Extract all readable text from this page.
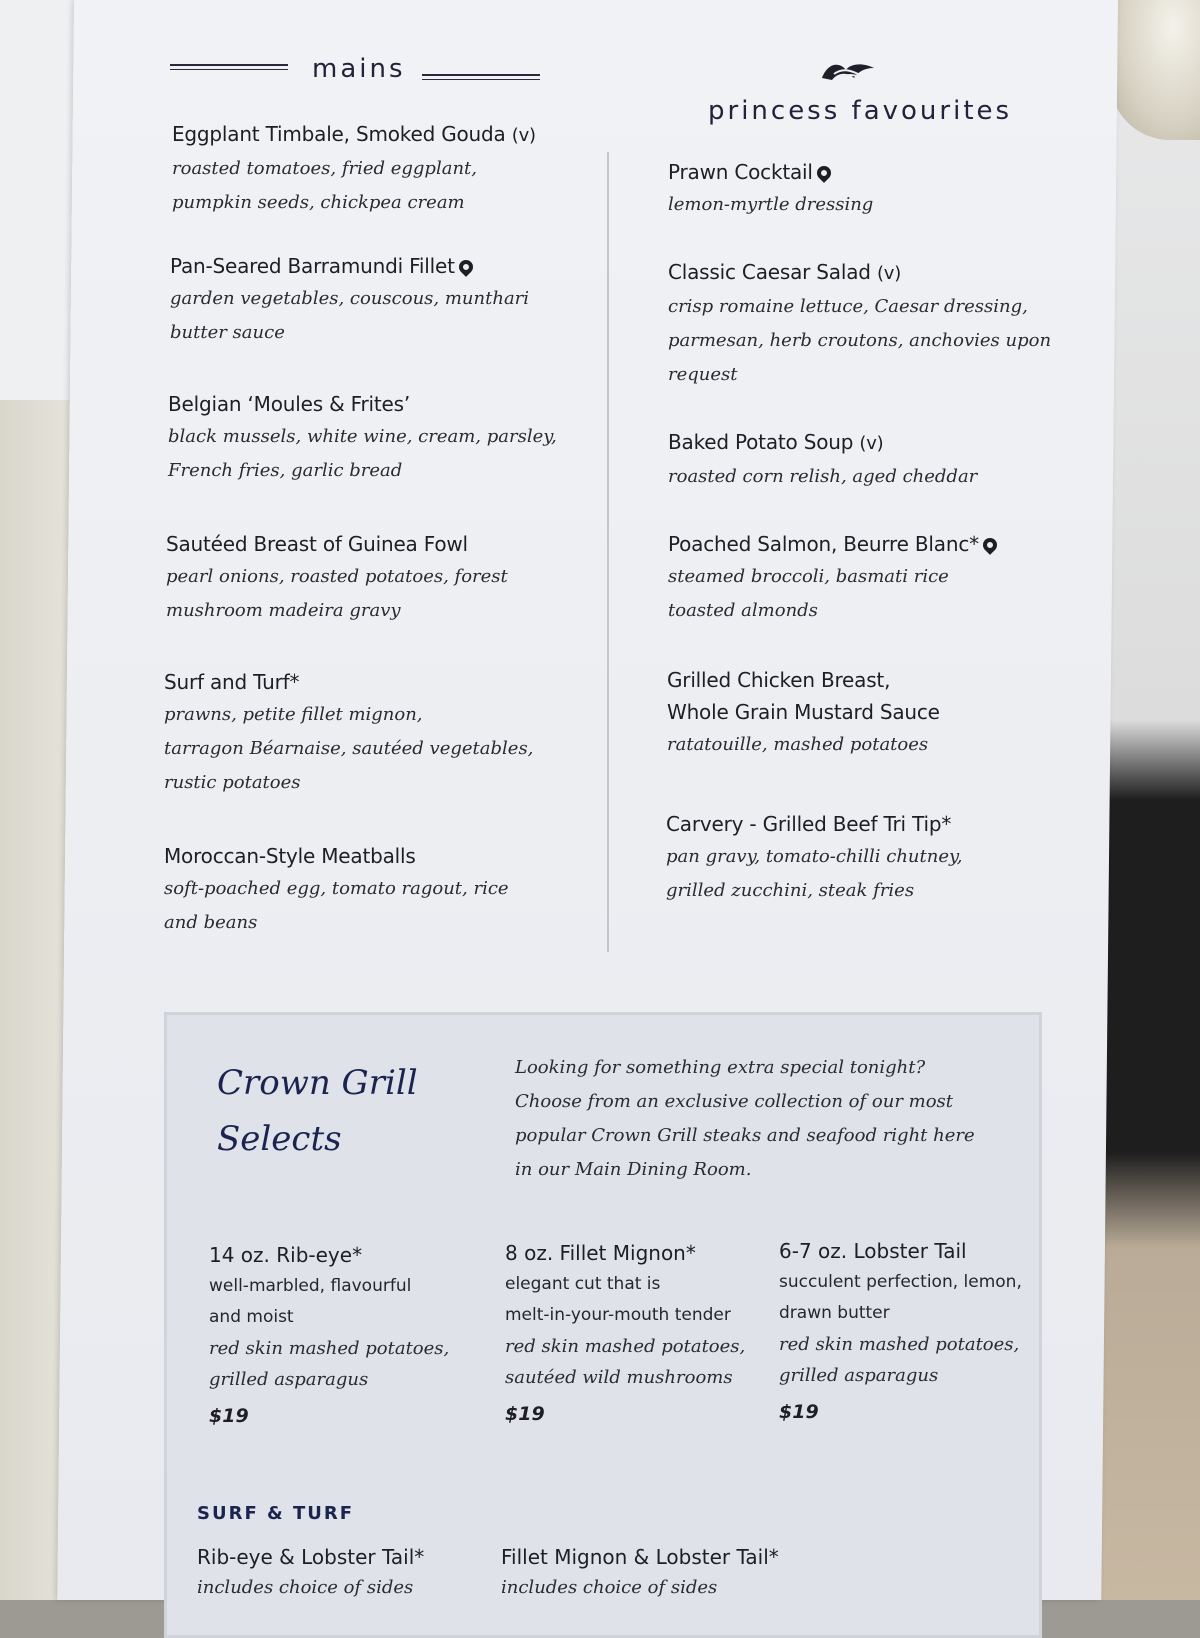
mains
princess favourites
Eggplant Timbale, Smoked Gouda (v)
roasted tomatoes, fried eggplant,
pumpkin seeds, chickpea cream
Pan-Seared Barramundi Fillet
garden vegetables, couscous, munthari
butter sauce
Belgian ‘Moules & Frites’
black mussels, white wine, cream, parsley,
French fries, garlic bread
Sautéed Breast of Guinea Fowl
pearl onions, roasted potatoes, forest
mushroom madeira gravy
Surf and Turf*
prawns, petite fillet mignon,
tarragon Béarnaise, sautéed vegetables,
rustic potatoes
Moroccan-Style Meatballs
soft-poached egg, tomato ragout, rice
and beans
Prawn Cocktail
lemon-myrtle dressing
Classic Caesar Salad (v)
crisp romaine lettuce, Caesar dressing,
parmesan, herb croutons, anchovies upon
request
Baked Potato Soup (v)
roasted corn relish, aged cheddar
Poached Salmon, Beurre Blanc*
steamed broccoli, basmati rice
toasted almonds
Grilled Chicken Breast,
Whole Grain Mustard Sauce
ratatouille, mashed potatoes
Carvery - Grilled Beef Tri Tip*
pan gravy, tomato-chilli chutney,
grilled zucchini, steak fries
Crown Grill
Selects
Looking for something extra special tonight?
Choose from an exclusive collection of our most
popular Crown Grill steaks and seafood right here
in our Main Dining Room.
14 oz. Rib-eye*
well-marbled, flavourful
and moist
red skin mashed potatoes,
grilled asparagus
$19
8 oz. Fillet Mignon*
elegant cut that is
melt-in-your-mouth tender
red skin mashed potatoes,
sautéed wild mushrooms
$19
6-7 oz. Lobster Tail
succulent perfection, lemon,
drawn butter
red skin mashed potatoes,
grilled asparagus
$19
SURF & TURF
Rib-eye & Lobster Tail*
includes choice of sides
Fillet Mignon & Lobster Tail*
includes choice of sides
